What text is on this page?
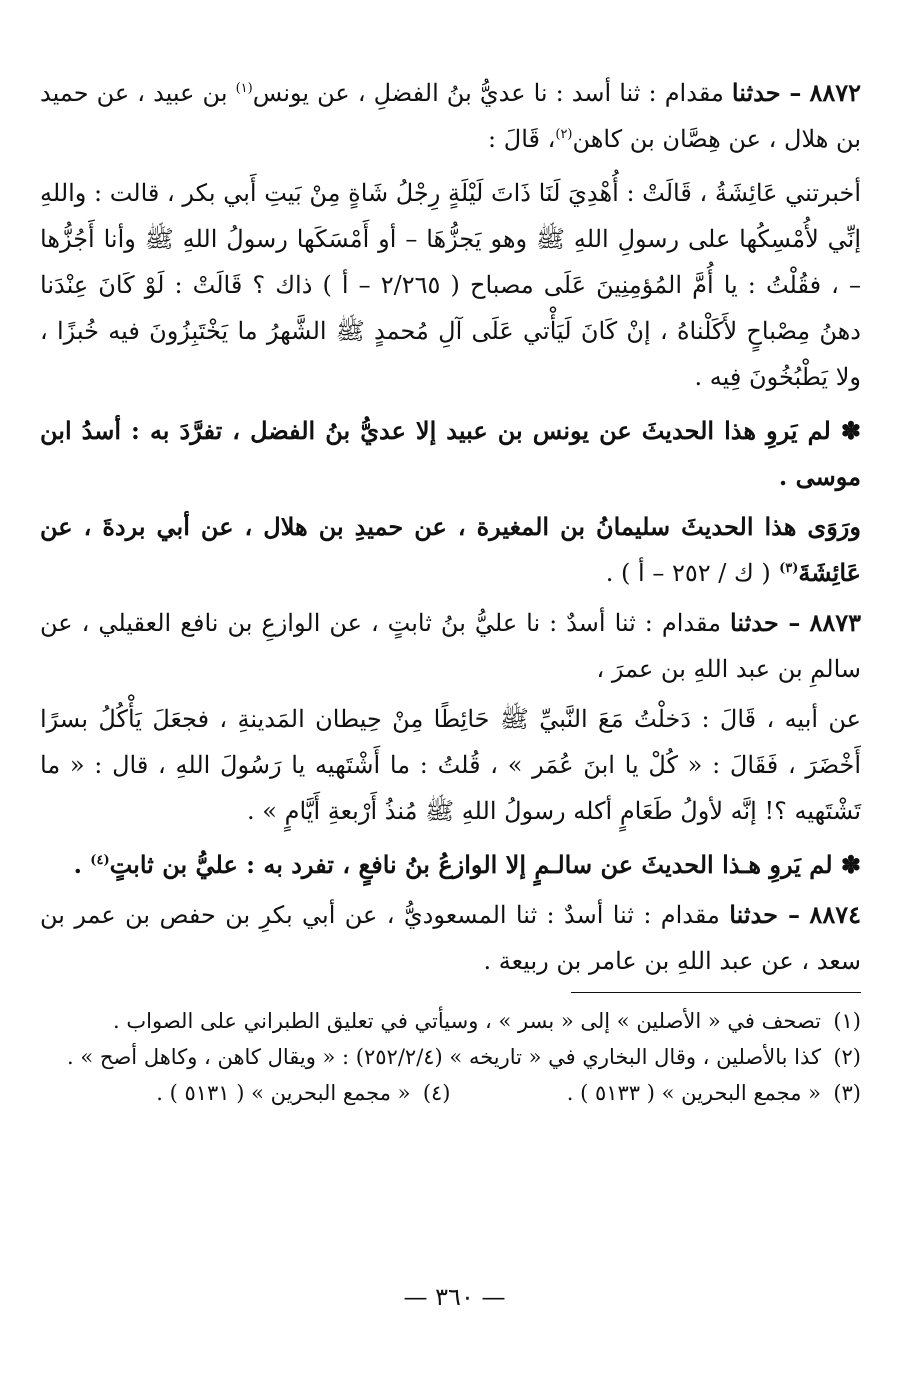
٨٨٧٢ – حدثنا مقدام : ثنا أسد : نا عديُّ بنُ الفضلِ ، عن يونس$^{(١)}$ بن عبيد ، عن حميد بن هلال ، عن هِصَّان بن كاهن$^{(٢)}$، قَالَ :

أخبرتني عَائِشَةُ ، قَالَتْ : أُهْدِيَ لَنَا ذَاتَ لَيْلَةٍ رِجْلُ شَاةٍ مِنْ بَيتِ أَبي بكر ، قالت : واللهِ إنِّي لأُمْسِكُها على رسولِ اللهِ ﷺ وهو يَجزُّهَا – أو أَمْسَكَها رسولُ اللهِ ﷺ وأنا أَجُزُّها – ، فقُلْتُ : يا أُمَّ المُؤمِنِينَ عَلَى مصباح ( ٢/٢٦٥ – أ ) ذاك ؟ قَالَتْ : لَوْ كَانَ عِنْدَنا دهنُ مِصْباحٍ لأَكَلْناهُ ، إنْ كَانَ لَيَأْتي عَلَى آلِ مُحمدٍ ﷺ الشَّهرُ ما يَخْتَبِزُونَ فيه خُبزًا ، ولا يَطْبُخُونَ فِيه .

✽ لم يَروِ هذا الحديثَ عن يونس بن عبيد إلا عديُّ بنُ الفضل ، تفرَّدَ به : أسدُ ابن موسى .

ورَوَى هذا الحديثَ سليمانُ بن المغيرة ، عن حميدِ بن هلال ، عن أبي بردةَ ، عن عَائِشَةَ$^{(٣)}$ ( ك / ٢٥٢ – أ ) .

٨٨٧٣ – حدثنا مقدام : ثنا أسدٌ : نا عليُّ بنُ ثابتٍ ، عن الوازعِ بن نافع العقيلي ، عن سالمِ بن عبد اللهِ بن عمرَ ،

عن أبيه ، قَالَ : دَخلْتُ مَعَ النَّبيِّ ﷺ حَائِطًا مِنْ حِيطان المَدينةِ ، فجعَلَ يَأْكُلُ بسرًا أَخْضَرَ ، فَقَالَ : « كُلْ يا ابنَ عُمَر » ، قُلتُ : ما أَشْتَهيه يا رَسُولَ اللهِ ، قال : « ما تَشْتَهيه ؟! إنَّه لأولُ طَعَامٍ أكله رسولُ اللهِ ﷺ مُنذُ أَرْبعةِ أَيَّامٍ » .

✽ لم يَروِ هـذا الحديثَ عن سالـمٍ إلا الوازعُ بنُ نافعٍ ، تفرد به : عليُّ بن ثابتٍ$^{(٤)}$ .

٨٨٧٤ – حدثنا مقدام : ثنا أسدٌ : ثنا المسعوديُّ ، عن أبي بكرِ بن حفص بن عمر بن سعد ، عن عبد اللهِ بن عامر بن ربيعة .

(١)
تصحف في « الأصلين » إلى « بسر » ، وسيأتي في تعليق الطبراني على الصواب .
(٢)
كذا بالأصلين ، وقال البخاري في « تاريخه » (٢٥٢/٢/٤) : « ويقال كاهن ، وكاهل أصح » .
(٣)
« مجمع البحرين » ( ٥١٣٣ ) .
(٤)
« مجمع البحرين » ( ٥١٣١ ) .
— ٣٦٠ —
